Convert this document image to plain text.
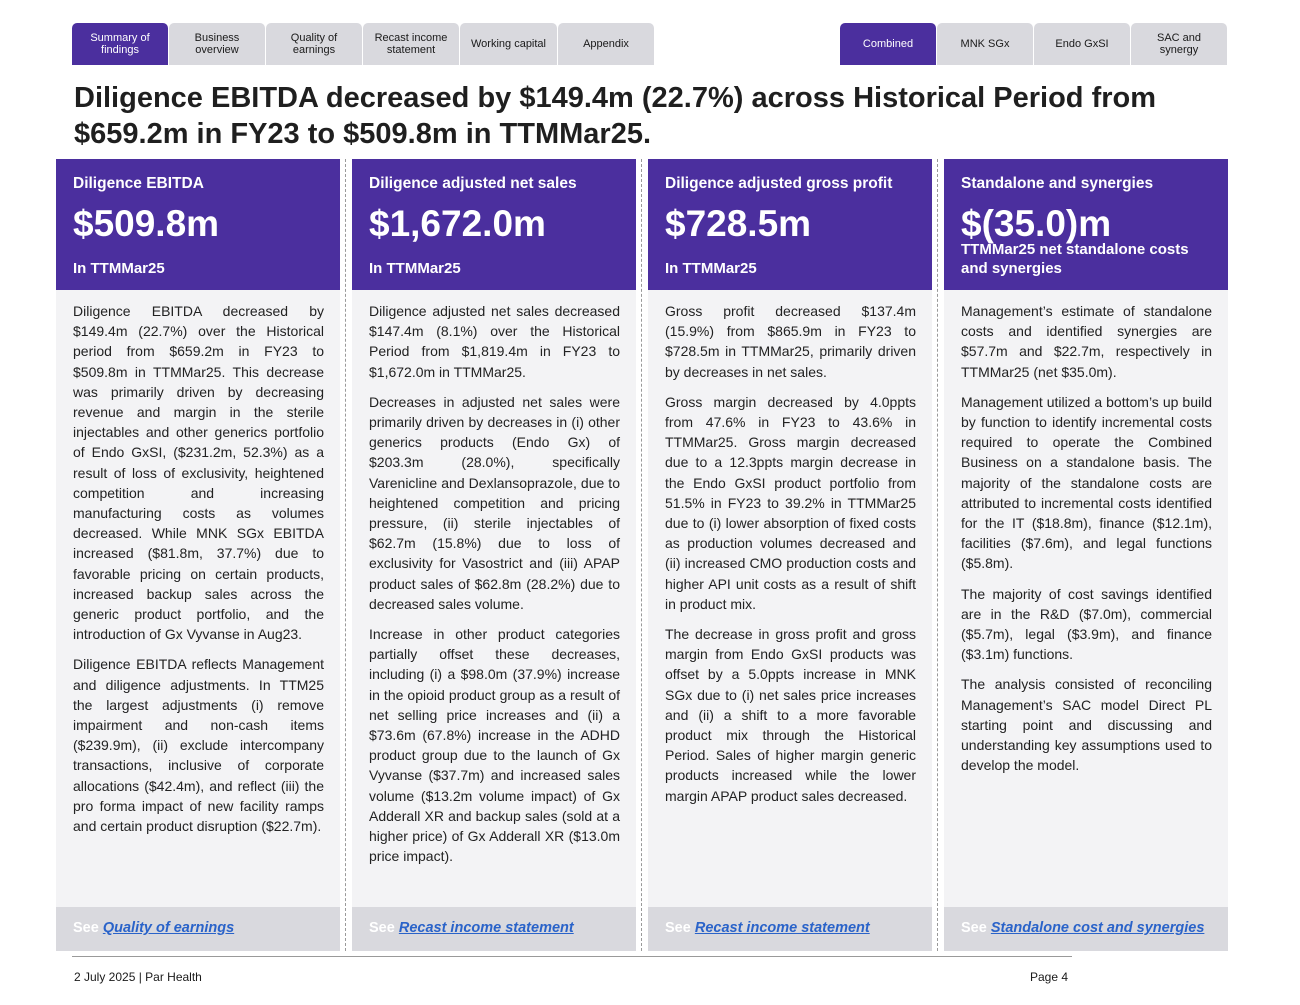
Summary of findings
Business overview
Quality of earnings
Recast income statement	Working capital	Appendix	Combined	MNK SGx	Endo GxSI	SAC and synergy
Diligence EBITDA decreased by $149.4m (22.7%) across Historical Period from $659.2m in FY23 to $509.8m in TTMMar25.
Diligence EBITDA
$509.8m
In TTMMar25

Diligence EBITDA decreased by $149.4m (22.7%) over the Historical period from $659.2m in FY23 to $509.8m in TTMMar25. This decrease was primarily driven by decreasing revenue and margin in the sterile injectables and other generics portfolio of Endo GxSI, ($231.2m, 52.3%) as a result of loss of exclusivity, heightened competition and increasing manufacturing costs as volumes decreased. While MNK SGx EBITDA increased ($81.8m, 37.7%) due to favorable pricing on certain products, increased backup sales across the generic product portfolio, and the introduction of Gx Vyvanse in Aug23.

Diligence EBITDA reflects Management and diligence adjustments. In TTM25 the largest adjustments (i) remove impairment and non-cash items ($239.9m), (ii) exclude intercompany transactions, inclusive of corporate allocations ($42.4m), and reflect (iii) the pro forma impact of new facility ramps and certain product disruption ($22.7m).

See Quality of earnings
Diligence adjusted net sales
$1,672.0m
In TTMMar25

Diligence adjusted net sales decreased $147.4m (8.1%) over the Historical Period from $1,819.4m in FY23 to $1,672.0m in TTMMar25.

Decreases in adjusted net sales were primarily driven by decreases in (i) other generics products (Endo Gx) of $203.3m (28.0%), specifically Varenicline and Dexlansoprazole, due to heightened competition and pricing pressure, (ii) sterile injectables of $62.7m (15.8%) due to loss of exclusivity for Vasostrict and (iii) APAP product sales of $62.8m (28.2%) due to decreased sales volume.

Increase in other product categories partially offset these decreases, including (i) a $98.0m (37.9%) increase in the opioid product group as a result of net selling price increases and (ii) a $73.6m (67.8%) increase in the ADHD product group due to the launch of Gx Vyvanse ($37.7m) and increased sales volume ($13.2m volume impact) of Gx Adderall XR and backup sales (sold at a higher price) of Gx Adderall XR ($13.0m price impact).

See Recast income statement
Diligence adjusted gross profit
$728.5m
In TTMMar25

Gross profit decreased $137.4m (15.9%) from $865.9m in FY23 to $728.5m in TTMMar25, primarily driven by decreases in net sales.

Gross margin decreased by 4.0ppts from 47.6% in FY23 to 43.6% in TTMMar25. Gross margin decreased due to a 12.3ppts margin decrease in the Endo GxSI product portfolio from 51.5% in FY23 to 39.2% in TTMMar25 due to (i) lower absorption of fixed costs as production volumes decreased and (ii) increased CMO production costs and higher API unit costs as a result of shift in product mix.

The decrease in gross profit and gross margin from Endo GxSI products was offset by a 5.0ppts increase in MNK SGx due to (i) net sales price increases and (ii) a shift to a more favorable product mix through the Historical Period. Sales of higher margin generic products increased while the lower margin APAP product sales decreased.

See Recast income statement
Standalone and synergies
$(35.0)m
TTMMar25 net standalone costs and synergies

Management’s estimate of standalone costs and identified synergies are $57.7m and $22.7m, respectively in TTMMar25 (net $35.0m).

Management utilized a bottom’s up build by function to identify incremental costs required to operate the Combined Business on a standalone basis. The majority of the standalone costs are attributed to incremental costs identified for the IT ($18.8m), finance ($12.1m), facilities ($7.6m), and legal functions ($5.8m).

The majority of cost savings identified are in the R&D ($7.0m), commercial ($5.7m), legal ($3.9m), and finance ($3.1m) functions.

The analysis consisted of reconciling Management’s SAC model Direct PL starting point and discussing and understanding key assumptions used to develop the model.

See Standalone cost and synergies
2 July 2025 | Par Health	Page 4
